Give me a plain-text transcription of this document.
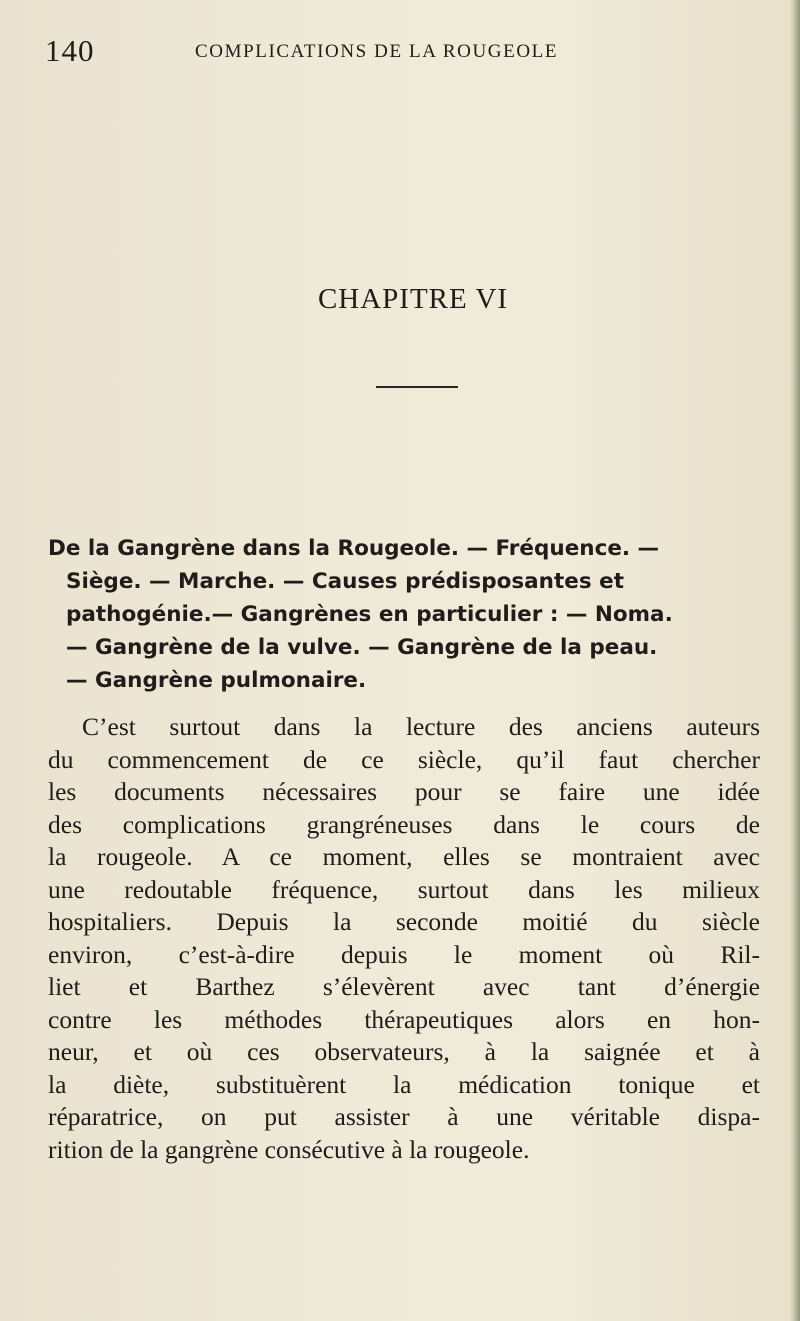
140	COMPLICATIONS DE LA ROUGEOLE
CHAPITRE VI

De la Gangrène dans la Rougeole. — Fréquence. —
Siège. — Marche. — Causes prédisposantes et
pathogénie.— Gangrènes en particulier : — Noma.
— Gangrène de la vulve. — Gangrène de la peau.
— Gangrène pulmonaire.

C’est surtout dans la lecture des anciens auteurs
du commencement de ce siècle, qu’il faut chercher
les documents nécessaires pour se faire une idée
des complications grangréneuses dans le cours de
la rougeole. A ce moment, elles se montraient avec
une redoutable fréquence, surtout dans les milieux
hospitaliers. Depuis la seconde moitié du siècle
environ, c’est-à-dire depuis le moment où Ril-
liet et Barthez s’élevèrent avec tant d’énergie
contre les méthodes thérapeutiques alors en hon-
neur, et où ces observateurs, à la saignée et à
la diète, substituèrent la médication tonique et
réparatrice, on put assister à une véritable dispa-
rition de la gangrène consécutive à la rougeole.
